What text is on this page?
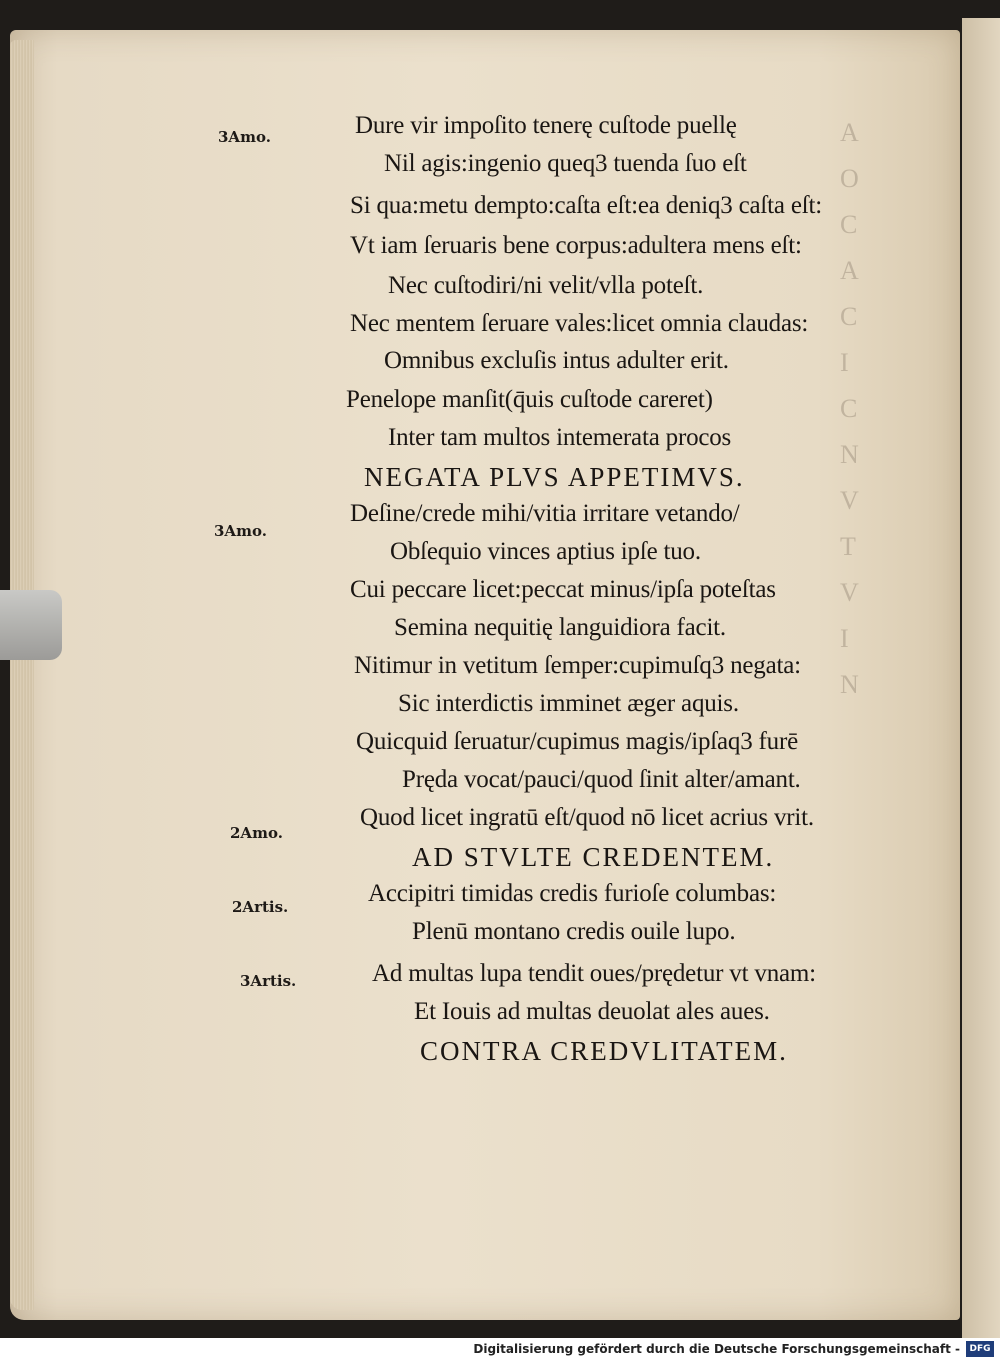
A
O
C
A
C
I
C
N
V
T
V
I
N
3Amo.
3Amo.
2Amo.
2Artis.
3Artis.
Dure vir impoſito tenerę cuſtode puellę
Nil agis:ingenio queq3 tuenda ſuo eſt
Si qua:metu dempto:caſta eſt:ea deniq3 caſta eſt:
Vt iam ſeruaris bene corpus:adultera mens eſt:
Nec cuſtodiri/ni velit/vlla poteſt.
Nec mentem ſeruare vales:licet omnia claudas:
Omnibus excluſis intus adulter erit.
Penelope manſit(q̄uis cuſtode careret)
Inter tam multos intemerata procos
NEGATA PLVS APPETIMVS.
Deſine/crede mihi/vitia irritare vetando/
Obſequio vinces aptius ipſe tuo.
Cui peccare licet:peccat minus/ipſa poteſtas
Semina nequitię languidiora facit.
Nitimur in vetitum ſemper:cupimuſq3 negata:
Sic interdictis imminet æger aquis.
Quicquid ſeruatur/cupimus magis/ipſaq3 furē
Pręda vocat/pauci/quod ſinit alter/amant.
Quod licet ingratū eſt/quod nō licet acrius vrit.
AD STVLTE CREDENTEM.
Accipitri timidas credis furioſe columbas:
Plenū montano credis ouile lupo.
Ad multas lupa tendit oues/prędetur vt vnam:
Et Iouis ad multas deuolat ales aues.
CONTRA CREDVLITATEM.
Digitalisierung gefördert durch die Deutsche Forschungsgemeinschaft -	DFG
